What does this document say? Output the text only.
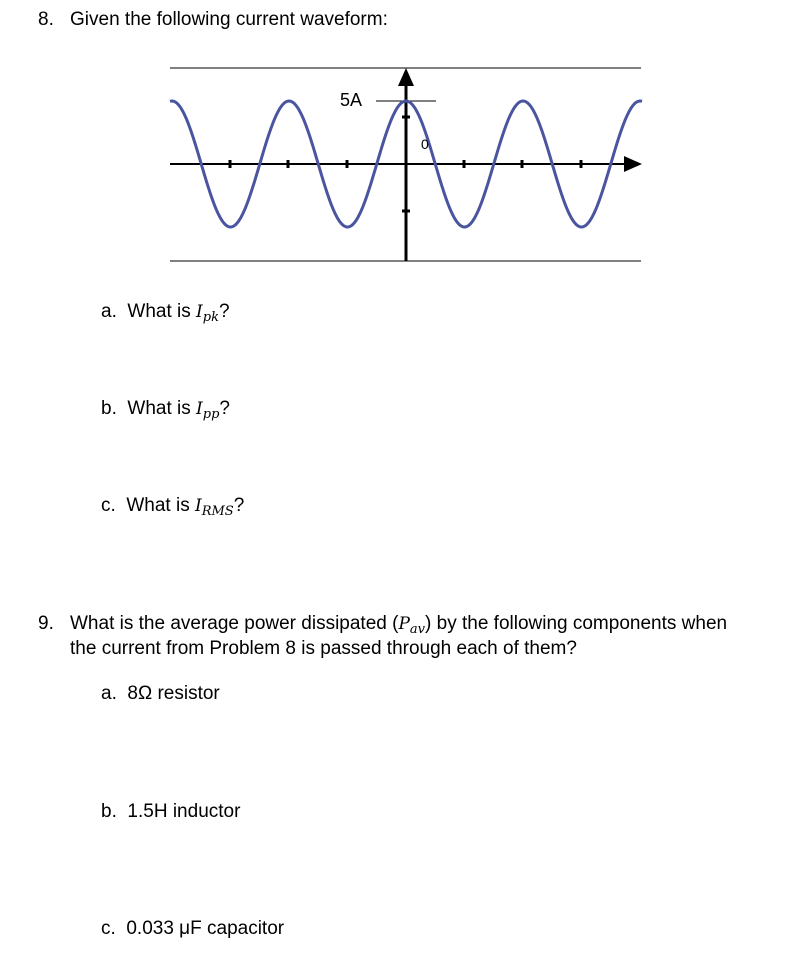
8. Given the following current waveform:
5A
0
a. What is $I_{pk}$?
b. What is $I_{pp}$?
c. What is $I_{RMS}$?
9. What is the average power dissipated $(P_{av})$ by the following components when
the current from Problem 8 is passed through each of them?
a. 8Ω resistor
b. 1.5H inductor
c. 0.033 μF capacitor
